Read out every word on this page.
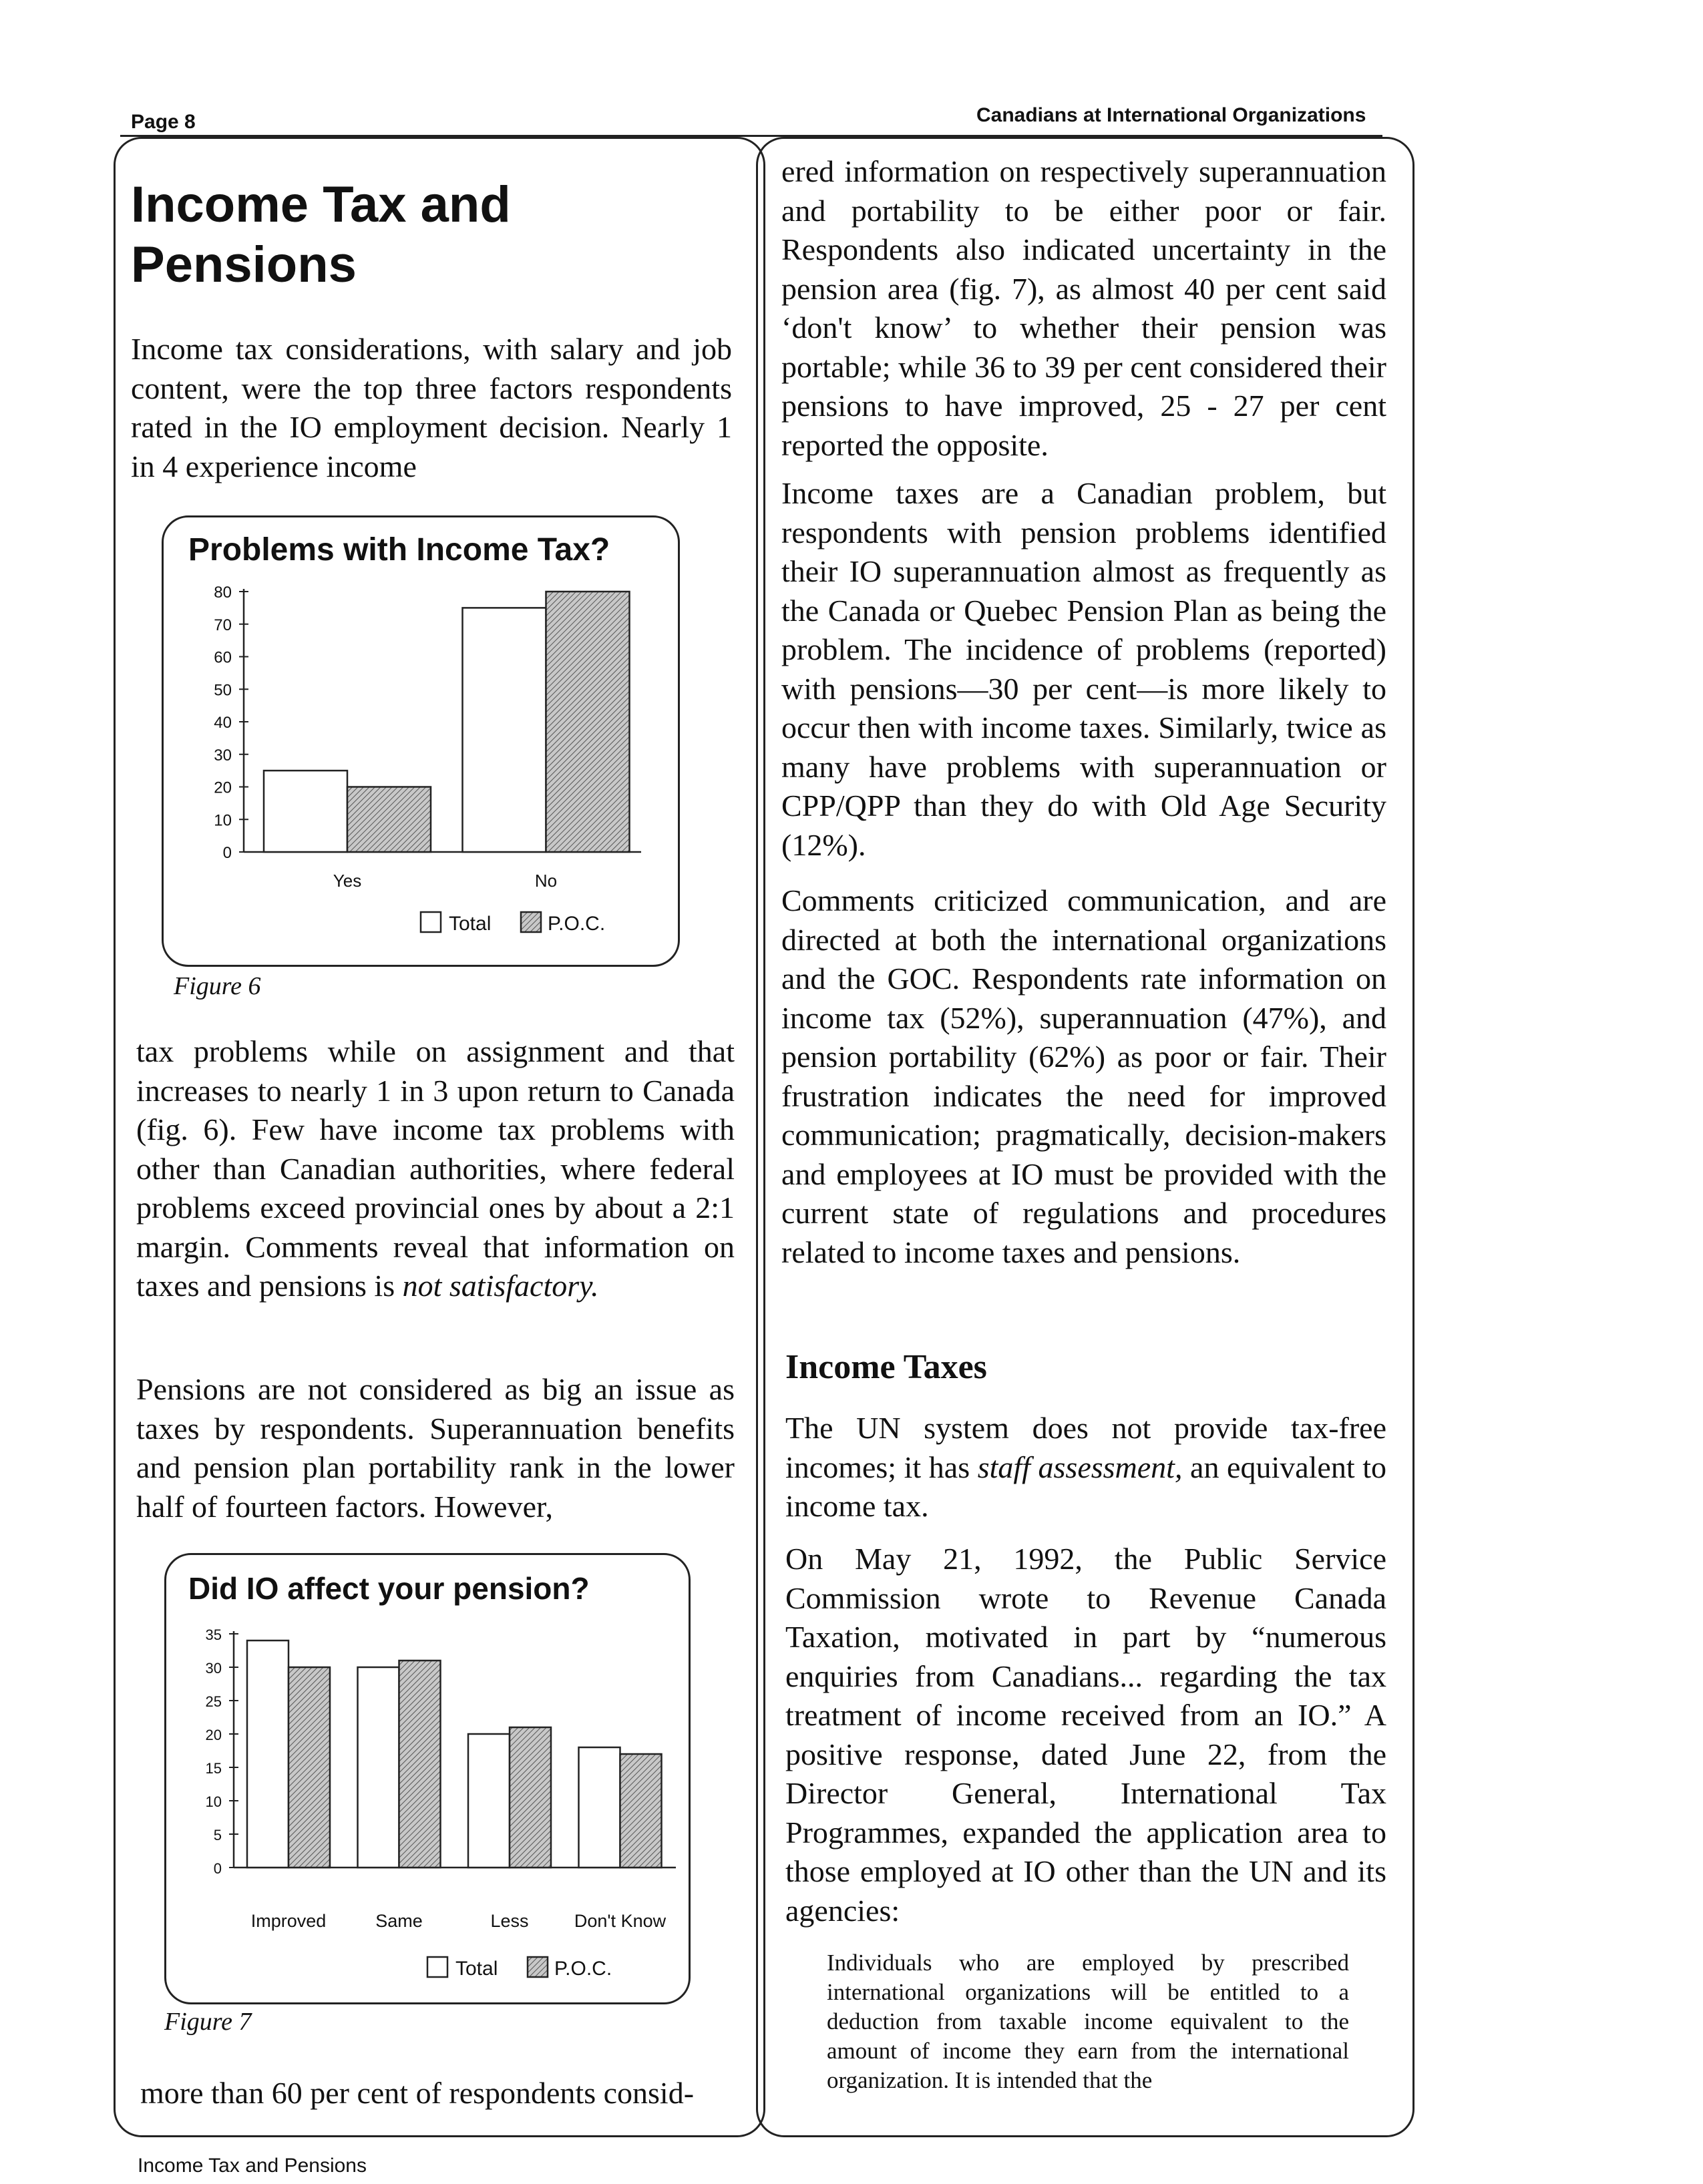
Page 8	Canadians at International Organizations
Income Tax and
Pensions

Income tax considerations, with salary and job content, were the top three factors respondents rated in the IO employment decision. Nearly 1 in 4 experience income

Problems with Income Tax?
0
10
20
30
40
50
60
70
80
Yes	No
Total	P.O.C.
Figure 6
tax problems while on assignment and that increases to nearly 1 in 3 upon return to Canada (fig. 6). Few have income tax problems with other than Canadian authorities, where federal problems exceed provincial ones by about a 2:1 margin. Comments reveal that information on taxes and pensions is not satisfactory.

Pensions are not considered as big an issue as taxes by respondents. Superannuation benefits and pension plan portability rank in the lower half of fourteen factors. However,

Did IO affect your pension?
0
5
10
15
20
25
30
35
Improved	Same	Less	Don't Know
Total	P.O.C.
Figure 7

more than 60 per cent of respondents consid-

ered information on respectively superannuation and portability to be either poor or fair. Respondents also indicated uncertainty in the pension area (fig. 7), as almost 40 per cent said ‘don't know’ to whether their pension was portable; while 36 to 39 per cent considered their pensions to have improved, 25 - 27 per cent reported the opposite.

Income taxes are a Canadian problem, but respondents with pension problems identified their IO superannuation almost as frequently as the Canada or Quebec Pension Plan as being the problem. The incidence of problems (reported) with pensions—30 per cent—is more likely to occur then with income taxes. Similarly, twice as many have problems with superannuation or CPP/QPP than they do with Old Age Security (12%).

Comments criticized communication, and are directed at both the international organizations and the GOC. Respondents rate information on income tax (52%), superannuation (47%), and pension portability (62%) as poor or fair. Their frustration indicates the need for improved communication; pragmatically, decision-makers and employees at IO must be provided with the current state of regulations and procedures related to income taxes and pensions.

Income Taxes
The UN system does not provide tax-free incomes; it has staff assessment, an equivalent to income tax.

On May 21, 1992, the Public Service Commission wrote to Revenue Canada Taxation, motivated in part by “numerous enquiries from Canadians... regarding the tax treatment of income received from an IO.” A positive response, dated June 22, from the Director General, International Tax Programmes, expanded the application area to those employed at IO other than the UN and its agencies:

Individuals who are employed by prescribed international organizations will be entitled to a deduction from taxable income equivalent to the amount of income they earn from the international organization. It is intended that the

Income Tax and Pensions
